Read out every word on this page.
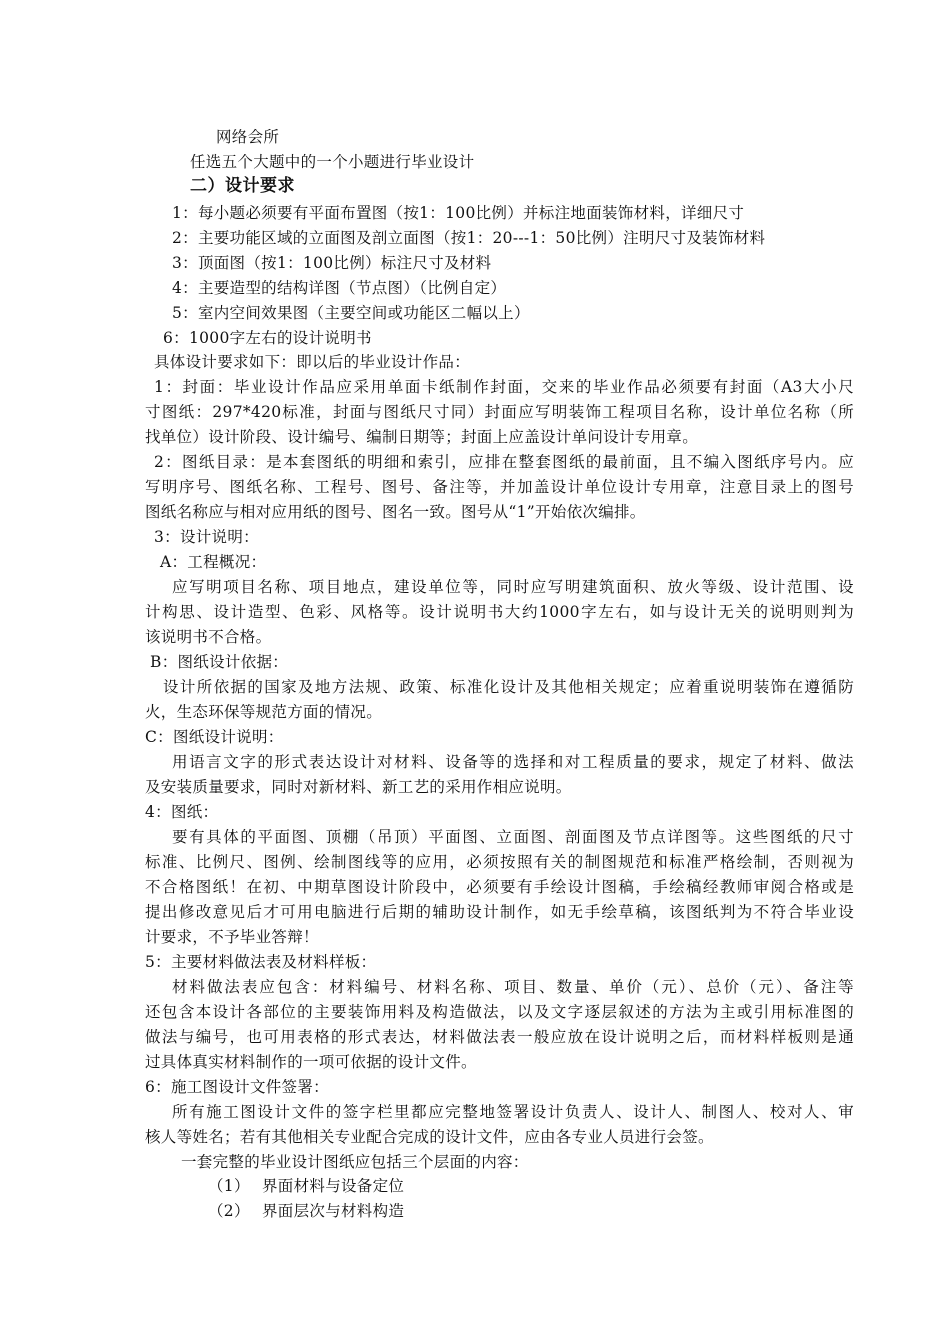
网络会所
任选五个大题中的一个小题进行毕业设计
二）设计要求
1：每小题必须要有平面布置图（按1：100比例）并标注地面装饰材料，详细尺寸
2：主要功能区域的立面图及剖立面图（按1：20---1：50比例）注明尺寸及装饰材料
3：顶面图（按1：100比例）标注尺寸及材料
4：主要造型的结构详图（节点图）（比例自定）
5：室内空间效果图（主要空间或功能区二幅以上）
6：1000字左右的设计说明书
具体设计要求如下：即以后的毕业设计作品：
1：封面：毕业设计作品应采用单面卡纸制作封面，交来的毕业作品必须要有封面（A3大小尺
寸图纸：297*420标准，封面与图纸尺寸同）封面应写明装饰工程项目名称，设计单位名称（所
找单位）设计阶段、设计编号、编制日期等；封面上应盖设计单问设计专用章。
2：图纸目录：是本套图纸的明细和索引，应排在整套图纸的最前面，且不编入图纸序号内。应
写明序号、图纸名称、工程号、图号、备注等，并加盖设计单位设计专用章，注意目录上的图号
图纸名称应与相对应用纸的图号、图名一致。图号从“1”开始依次编排。
3：设计说明：
A：工程概况：
应写明项目名称、项目地点，建设单位等，同时应写明建筑面积、放火等级、设计范围、设
计构思、设计造型、色彩、风格等。设计说明书大约1000字左右，如与设计无关的说明则判为
该说明书不合格。
B：图纸设计依据：
设计所依据的国家及地方法规、政策、标准化设计及其他相关规定；应着重说明装饰在遵循防
火，生态环保等规范方面的情况。
C：图纸设计说明：
用语言文字的形式表达设计对材料、设备等的选择和对工程质量的要求，规定了材料、做法
及安装质量要求，同时对新材料、新工艺的采用作相应说明。
4：图纸：
要有具体的平面图、顶棚（吊顶）平面图、立面图、剖面图及节点详图等。这些图纸的尺寸
标准、比例尺、图例、绘制图线等的应用，必须按照有关的制图规范和标准严格绘制，否则视为
不合格图纸！在初、中期草图设计阶段中，必须要有手绘设计图稿，手绘稿经教师审阅合格或是
提出修改意见后才可用电脑进行后期的辅助设计制作，如无手绘草稿，该图纸判为不符合毕业设
计要求，不予毕业答辩！
5：主要材料做法表及材料样板：
材料做法表应包含：材料编号、材料名称、项目、数量、单价（元）、总价（元）、备注等
还包含本设计各部位的主要装饰用料及构造做法，以及文字逐层叙述的方法为主或引用标准图的
做法与编号，也可用表格的形式表达，材料做法表一般应放在设计说明之后，而材料样板则是通
过具体真实材料制作的一项可依据的设计文件。
6：施工图设计文件签署：
所有施工图设计文件的签字栏里都应完整地签署设计负责人、设计人、制图人、校对人、审
核人等姓名；若有其他相关专业配合完成的设计文件，应由各专业人员进行会签。
一套完整的毕业设计图纸应包括三个层面的内容：
（1） 界面材料与设备定位
（2） 界面层次与材料构造
